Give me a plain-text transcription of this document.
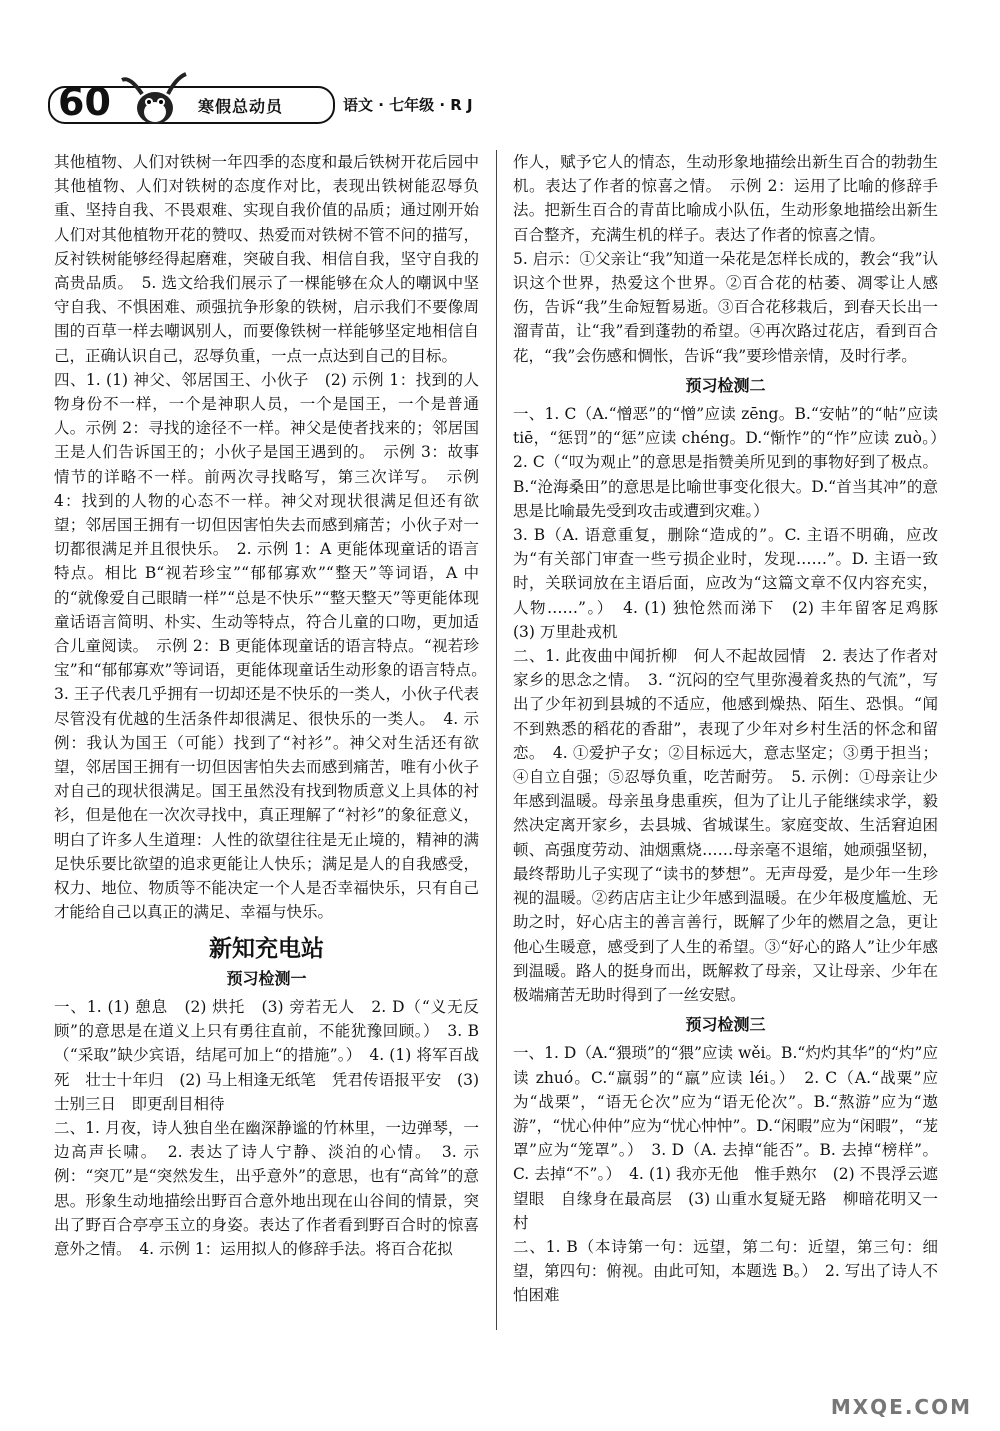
60	寒假总动员	语文 · 七年级 · R J

其他植物、人们对铁树一年四季的态度和最后铁树开花后园中其他植物、人们对铁树的态度作对比，表现出铁树能忍辱负重、坚持自我、不畏艰难、实现自我价值的品质；通过刚开始人们对其他植物开花的赞叹、热爱而对铁树不管不问的描写，反衬铁树能够经得起磨难，突破自我、相信自我，坚守自我的高贵品质。　5. 选文给我们展示了一棵能够在众人的嘲讽中坚守自我、不惧困难、顽强抗争形象的铁树，启示我们不要像周围的百草一样去嘲讽别人，而要像铁树一样能够坚定地相信自己，正确认识自己，忍辱负重，一点一点达到自己的目标。

四、1. (1) 神父、邻居国王、小伙子　(2) 示例 1：找到的人物身份不一样，一个是神职人员，一个是国王，一个是普通人。示例 2：寻找的途径不一样。神父是使者找来的；邻居国王是人们告诉国王的；小伙子是国王遇到的。　示例 3：故事情节的详略不一样。前两次寻找略写，第三次详写。　示例 4：找到的人物的心态不一样。神父对现状很满足但还有欲望；邻居国王拥有一切但因害怕失去而感到痛苦；小伙子对一切都很满足并且很快乐。　2. 示例 1：A 更能体现童话的语言特点。相比 B“视若珍宝”“郁郁寡欢”“整天”等词语，A 中的“就像爱自己眼睛一样”“总是不快乐”“整天整天”等更能体现童话语言简明、朴实、生动等特点，符合儿童的口吻，更加适合儿童阅读。　示例 2：B 更能体现童话的语言特点。“视若珍宝”和“郁郁寡欢”等词语，更能体现童话生动形象的语言特点。　3. 王子代表几乎拥有一切却还是不快乐的一类人，小伙子代表尽管没有优越的生活条件却很满足、很快乐的一类人。　4. 示例：我认为国王（可能）找到了“衬衫”。神父对生活还有欲望，邻居国王拥有一切但因害怕失去而感到痛苦，唯有小伙子对自己的现状很满足。国王虽然没有找到物质意义上具体的衬衫，但是他在一次次寻找中，真正理解了“衬衫”的象征意义，明白了许多人生道理：人性的欲望往往是无止境的，精神的满足快乐要比欲望的追求更能让人快乐；满足是人的自我感受，权力、地位、物质等不能决定一个人是否幸福快乐，只有自己才能给自己以真正的满足、幸福与快乐。

新知充电站
预习检测一

一、1. (1) 憩息　(2) 烘托　(3) 旁若无人　2. D（“义无反顾”的意思是在道义上只有勇往直前，不能犹豫回顾。）　3. B（“采取”缺少宾语，结尾可加上“的措施”。）　4. (1) 将军百战死　壮士十年归　(2) 马上相逢无纸笔　凭君传语报平安　(3) 士别三日　即更刮目相待

二、1. 月夜，诗人独自坐在幽深静谧的竹林里，一边弹琴，一边高声长啸。　2. 表达了诗人宁静、淡泊的心情。　3. 示例：“突兀”是“突然发生，出乎意外”的意思，也有“高耸”的意思。形象生动地描绘出野百合意外地出现在山谷间的情景，突出了野百合亭亭玉立的身姿。表达了作者看到野百合时的惊喜意外之情。　4. 示例 1：运用拟人的修辞手法。将百合花拟

作人，赋予它人的情态，生动形象地描绘出新生百合的勃勃生机。表达了作者的惊喜之情。　示例 2：运用了比喻的修辞手法。把新生百合的青苗比喻成小队伍，生动形象地描绘出新生百合整齐，充满生机的样子。表达了作者的惊喜之情。

5. 启示：①父亲让“我”知道一朵花是怎样长成的，教会“我”认识这个世界，热爱这个世界。②百合花的枯萎、凋零让人感伤，告诉“我”生命短暂易逝。③百合花移栽后，到春天长出一溜青苗，让“我”看到蓬勃的希望。④再次路过花店，看到百合花，“我”会伤感和惆怅，告诉“我”要珍惜亲情，及时行孝。

预习检测二

一、1. C（A.“憎恶”的“憎”应读 zēng。B.“安帖”的“帖”应读 tiē，“惩罚”的“惩”应读 chéng。D.“惭怍”的“怍”应读 zuò。）　2. C（“叹为观止”的意思是指赞美所见到的事物好到了极点。B.“沧海桑田”的意思是比喻世事变化很大。D.“首当其冲”的意思是比喻最先受到攻击或遭到灾难。）

3. B（A. 语意重复，删除“造成的”。C. 主语不明确，应改为“有关部门审查一些亏损企业时，发现……”。D. 主语一致时，关联词放在主语后面，应改为“这篇文章不仅内容充实，人物……”。）　4. (1) 独怆然而涕下　(2) 丰年留客足鸡豚　(3) 万里赴戎机

二、1. 此夜曲中闻折柳　何人不起故园情　2. 表达了作者对家乡的思念之情。　3. “沉闷的空气里弥漫着炙热的气流”，写出了少年初到县城的不适应，他感到燥热、陌生、恐惧。“闻不到熟悉的稻花的香甜”，表现了少年对乡村生活的怀念和留恋。　4. ①爱护子女；②目标远大，意志坚定；③勇于担当；④自立自强；⑤忍辱负重，吃苦耐劳。　5. 示例：①母亲让少年感到温暖。母亲虽身患重疾，但为了让儿子能继续求学，毅然决定离开家乡，去县城、省城谋生。家庭变故、生活窘迫困顿、高强度劳动、油烟熏烧……母亲毫不退缩，她顽强坚韧，最终帮助儿子实现了“读书的梦想”。无声母爱，是少年一生珍视的温暖。②药店店主让少年感到温暖。在少年极度尴尬、无助之时，好心店主的善言善行，既解了少年的燃眉之急，更让他心生暖意，感受到了人生的希望。③“好心的路人”让少年感到温暖。路人的挺身而出，既解救了母亲，又让母亲、少年在极端痛苦无助时得到了一丝安慰。

预习检测三

一、1. D（A.“猥琐”的“猥”应读 wěi。B.“灼灼其华”的“灼”应读 zhuó。C.“羸弱”的“羸”应读 léi。）　2. C（A.“战粟”应为“战栗”，“语无仑次”应为“语无伦次”。B.“熬游”应为“遨游”，“忧心仲仲”应为“忧心忡忡”。D.“闲暇”应为“闲暇”，“茏罩”应为“笼罩”。）　3. D（A. 去掉“能否”。B. 去掉“榜样”。C. 去掉“不”。）　4. (1) 我亦无他　惟手熟尔　(2) 不畏浮云遮望眼　自缘身在最高层　(3) 山重水复疑无路　柳暗花明又一村

二、1. B（本诗第一句：远望，第二句：近望，第三句：细望，第四句：俯视。由此可知，本题选 B。）　2. 写出了诗人不怕困难

MXQE.COM
